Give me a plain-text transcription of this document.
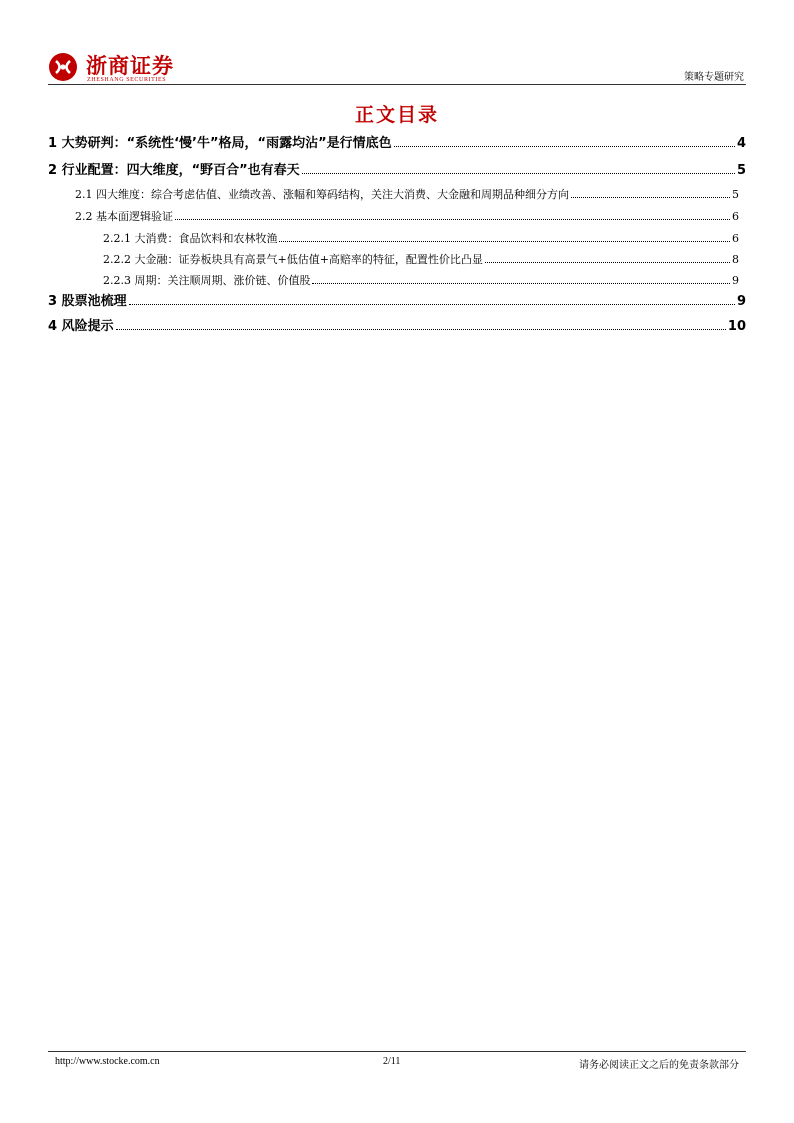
浙商证券
ZHESHANG SECURITIES	策略专题研究
正文目录
1 大势研判：“系统性‘慢’牛”格局，“雨露均沾”是行情底色	4
2 行业配置：四大维度，“野百合”也有春天	5
2.1 四大维度：综合考虑估值、业绩改善、涨幅和筹码结构，关注大消费、大金融和周期品种细分方向	5
2.2 基本面逻辑验证	6
2.2.1 大消费：食品饮料和农林牧渔	6
2.2.2 大金融：证券板块具有高景气+低估值+高赔率的特征，配置性价比凸显	8
2.2.3 周期：关注顺周期、涨价链、价值股	9
3 股票池梳理	9
4 风险提示	10
http://www.stocke.com.cn	2/11	请务必阅读正文之后的免责条款部分
